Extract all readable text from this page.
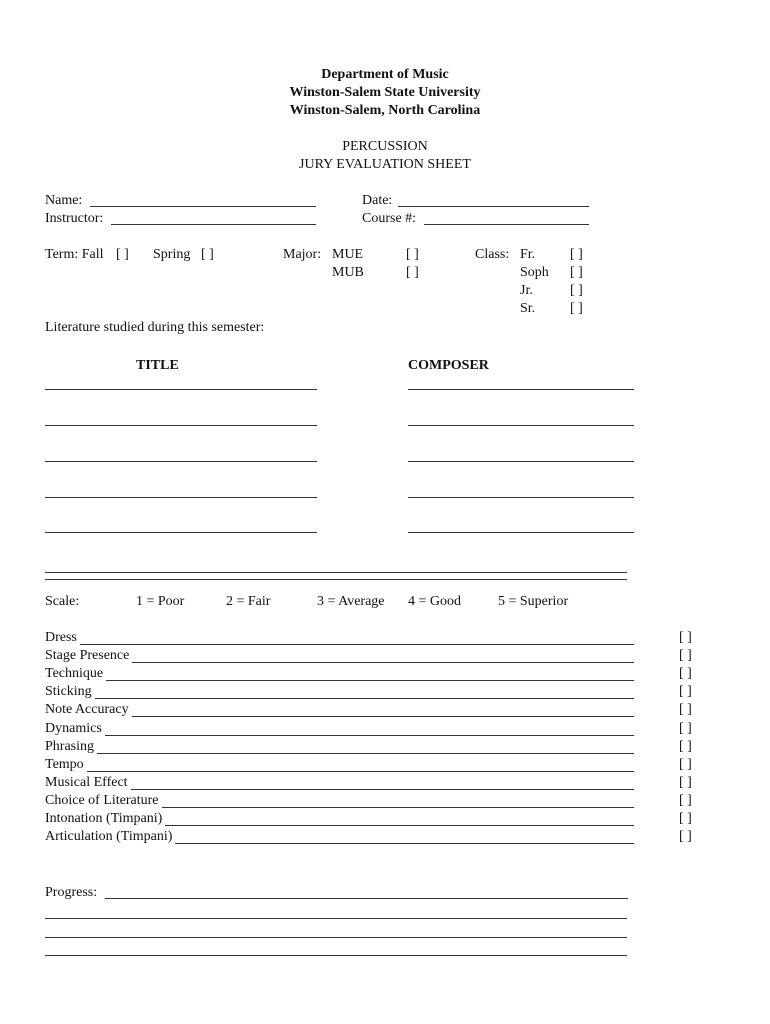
Department of Music
Winston-Salem State University
Winston-Salem, North Carolina
PERCUSSION
JURY EVALUATION SHEET
Name:	Date:
Instructor:	Course #:
Term: Fall [ ] Spring [ ]	Major: MUE	[ ]
MUB	[ ]
Class: Fr. [ ]
Soph [ ]
Jr.	[ ]
Sr. [ ]
Literature studied during this semester:
TITLE	COMPOSER
Scale:	1 = Poor	2 = Fair	3 = Average 4 = Good	5 = Superior
Dress	[ ]
Stage Presence	[ ]
Technique	[ ]
Sticking	[ ]
Note Accuracy	[ ]
Dynamics	[ ]
Phrasing	[ ]
Tempo	[ ]
Musical Effect	[ ]
Choice of Literature	[ ]
Intonation (Timpani)	[ ]
Articulation (Timpani)	[ ]
Progress:
